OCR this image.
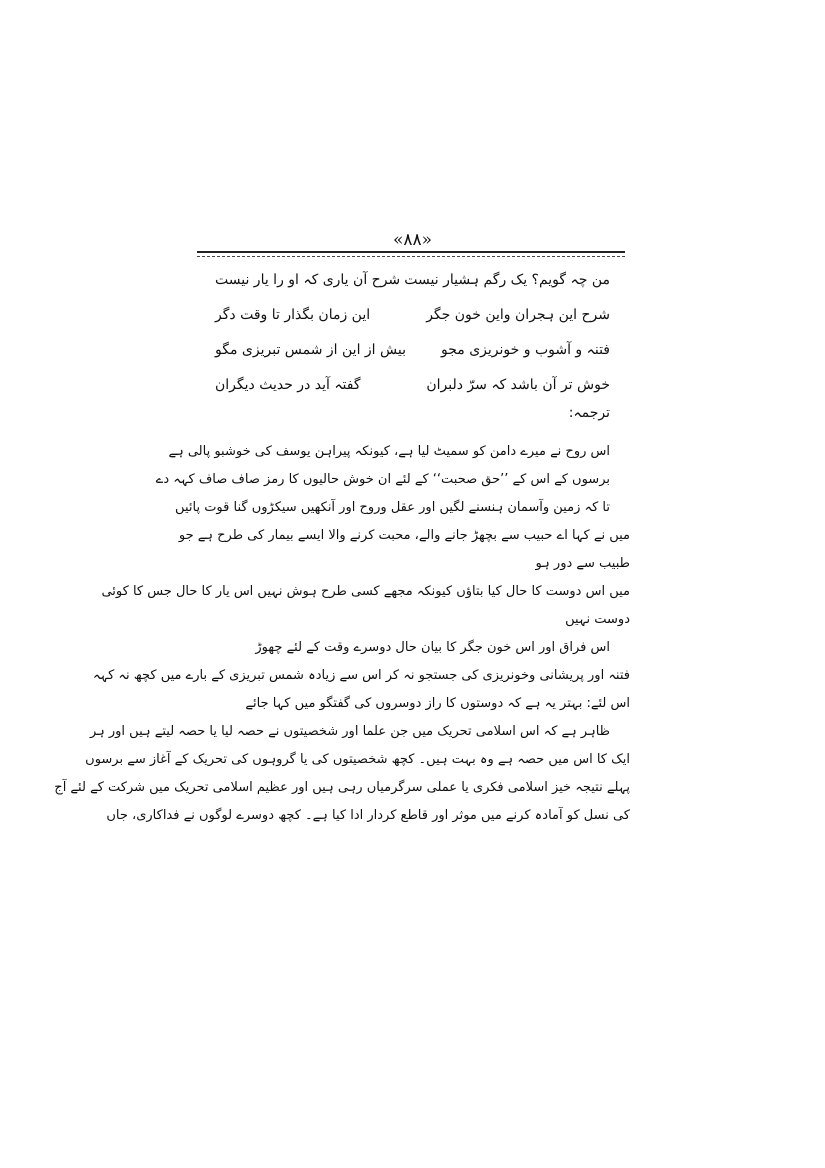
«۸۸»
من چہ گویم؟ یک رگم ہشیار نیست
شرح آن یاری کہ او را یار نیست
شرح این ہجران واین خون جگر
این زمان بگذار تا وقت دگر
فتنہ و آشوب و خونریزی مجو
بیش از این از شمس تبریزی مگو
خوش تر آن باشد کہ سرّ دلبران
گفتہ آید در حدیث دیگران
ترجمہ:

اس روح نے میرے دامن کو سمیٹ لیا ہے، کیونکہ پیراہن یوسف کی خوشبو پالی ہے

برسوں کے اس کے ’’حق صحبت‘‘ کے لئے ان خوش حالیوں کا رمز صاف صاف کہہ دے

تا کہ زمین وآسمان ہنسنے لگیں اور عقل وروح اور آنکھیں سیکڑوں گنا قوت پائیں

میں نے کہا اے حبیب سے بچھڑ جانے والے، محبت کرنے والا ایسے بیمار کی طرح ہے جو

طبیب سے دور ہو

میں اس دوست کا حال کیا بتاؤں کیونکہ مجھے کسی طرح ہوش نہیں اس یار کا حال جس کا کوئی

دوست نہیں

اس فراق اور اس خون جگر کا بیان حال دوسرے وقت کے لئے چھوڑ

فتنہ اور پریشانی وخونریزی کی جستجو نہ کر اس سے زیادہ شمس تبریزی کے بارے میں کچھ نہ کہہ

اس لئے: بہتر یہ ہے کہ دوستوں کا راز دوسروں کی گفتگو میں کہا جائے

ظاہر ہے کہ اس اسلامی تحریک میں جن علما اور شخصیتوں نے حصہ لیا یا حصہ لیتے ہیں اور ہر

ایک کا اس میں حصہ ہے وہ بہت ہیں۔ کچھ شخصیتوں کی یا گروہوں کی تحریک کے آغاز سے برسوں

پہلے نتیجہ خیز اسلامی فکری یا عملی سرگرمیاں رہی ہیں اور عظیم اسلامی تحریک میں شرکت کے لئے آج

کی نسل کو آمادہ کرنے میں موثر اور قاطع کردار ادا کیا ہے۔ کچھ دوسرے لوگوں نے فداکاری، جاں
